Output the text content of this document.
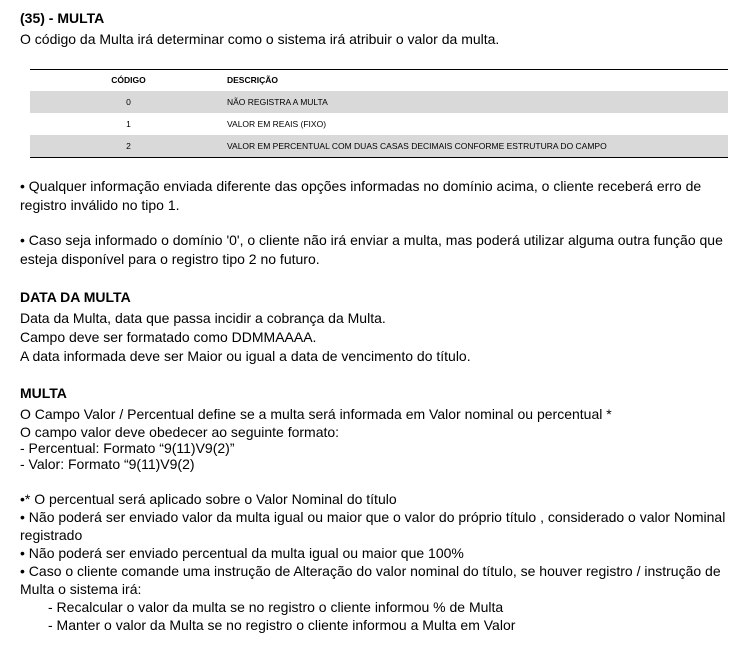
(35) - MULTA

O código da Multa irá determinar como o sistema irá atribuir o valor da multa.

CÓDIGO	DESCRIÇÃO
0	NÃO REGISTRA A MULTA
1	VALOR EM REAIS (FIXO)
2	VALOR EM PERCENTUAL COM DUAS CASAS DECIMAIS CONFORME ESTRUTURA DO CAMPO

• Qualquer informação enviada diferente das opções informadas no domínio acima, o cliente receberá erro de registro inválido no tipo 1.

• Caso seja informado o domínio '0', o cliente não irá enviar a multa, mas poderá utilizar alguma outra função que esteja disponível para o registro tipo 2 no futuro.

DATA DA MULTA

Data da Multa, data que passa incidir a cobrança da Multa.

Campo deve ser formatado como DDMMAAAA.

A data informada deve ser Maior ou igual a data de vencimento do título.

MULTA

O Campo Valor / Percentual define se a multa será informada em Valor nominal ou percentual *

O campo valor deve obedecer ao seguinte formato:

- Percentual: Formato “9(11)V9(2)”

- Valor: Formato “9(11)V9(2)

•* O percentual será aplicado sobre o Valor Nominal do título

• Não poderá ser enviado valor da multa igual ou maior que o valor do próprio título , considerado o valor Nominal registrado

• Não poderá ser enviado percentual da multa igual ou maior que 100%

• Caso o cliente comande uma instrução de Alteração do valor nominal do título, se houver registro / instrução de Multa o sistema irá:

- Recalcular o valor da multa se no registro o cliente informou % de Multa

- Manter o valor da Multa se no registro o cliente informou a Multa em Valor
